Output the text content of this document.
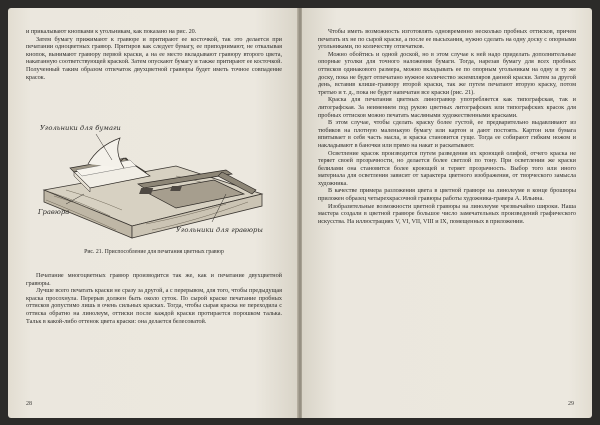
и прикалывают кнопками к угольникам, как показано на рис. 20.

Затем бумагу прижимают к гравюре и притирают ее косточкой, так это делается при печатании одноцветных гравюр. Притиров как следует бумагу, ее приподнимают, не откалывая кнопок, вынимают гравюру первой краски, а на ее место вкладывают гравюру второго цвета, накатанную соответствующей краской. Затем опускают бумагу и также притирают ее косточкой. Полученный таким образом отпечаток двухцветной гравюры будет иметь точное совпадение красок.

Угольники для бумаги
Гравюра
Угольники для гравюры
Рис. 21. Приспособление для печатания цветных гравюр

Печатание многоцветных гравюр производится так же, как и печатание двухцветной гравюры.

Лучше всего печатать краски не сразу за другой, а с перерывом, для того, чтобы предыдущая краска просохнула. Перерыв должен быть около суток. По сырой краске печатание пробных оттисков допустимо лишь в очень сильных красках. Тогда, чтобы сырая краска не переходила с оттиска обратно на линолеум, оттиски после каждой краски протирается порошком талька. Тальк в какой-либо оттенок цвета краски: она делается белесоватой.

28

Чтобы иметь возможность изготовлять одновременно несколько пробных оттисков, причем печатать их не по сырой краске, а после ее высыхания, нужно сделать на одну доску с опорными угольниками, по количеству отпечатков.

Можно обойтись и одной доской, но в этом случае к ней надо приделать дополнительные опорные уголки для точного наложения бумаги. Тогда, нарезав бумагу для всех пробных оттисков одинакового размера, можно вкладывать ее по опорным угольникам на одну и ту же доску, пока не будет отпечатано нужное количество экземпляров данной краски. Затем за другой день, вставив клише-гравюру второй краски, так же путем печатают вторую краску, потом третью и т. д., пока не будет напечатан все краски (рис. 21).

Краска для печатания цветных линогравюр употребляется как типографская, так и литографская. За неимением под рукою цветных литографских или типографских красок для пробных оттисков можно печатать масляными художественными красками.

В этом случае, чтобы сделать краску более густой, ее предварительно выдавливают из тюбиков на плотную маленькую бумагу или картон и дают постоять. Картон или бумага впитывает в себя часть масла, и краска становится гуще. Тогда ее собирают гибким ножом и накладывают в баночки или прямо на накат и раскатывают.

Осветление красок производится путем разведения их кроющей олифой, отчего краска не теряет своей прозрачности, но делается более светлой по тону. При осветлении же краски белилами она становится более кроющей и теряет прозрачность. Выбор того или иного материала для осветления зависит от характера цветного изображения, от творческого замысла художника.

В качестве примера разложения цвета в цветной гравюре на линолеуме в конце брошюры приложен образец четырехкрасочной гравюры работы художника-гравера А. Ильина.

Изобразительные возможности цветной гравюры на линолеуме чрезвычайно широки. Наша мастера создали в цветной гравюре большое число замечательных произведений графического искусства. На иллюстрациях V, VI, VII, VIII и IX, помещенных в приложении.

29
